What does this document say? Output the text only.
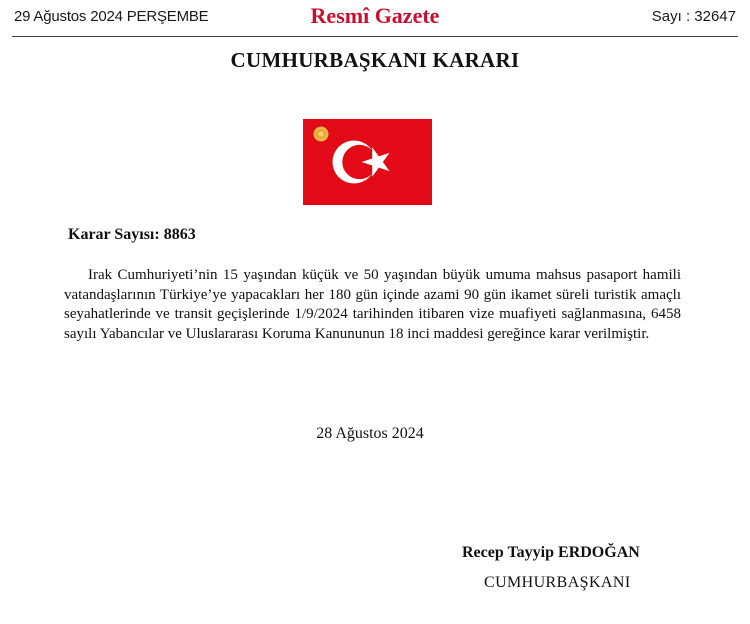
29 Ağustos 2024 PERŞEMBE	Resmî Gazete	Sayı : 32647
CUMHURBAŞKANI KARARI
Karar Sayısı: 8863

Irak Cumhuriyeti’nin 15 yaşından küçük ve 50 yaşından büyük umuma mahsus pasaport hamili vatandaşlarının Türkiye’ye yapacakları her 180 gün içinde azami 90 gün ikamet süreli turistik amaçlı seyahatlerinde ve transit geçişlerinde 1/9/2024 tarihinden itibaren vize muafiyeti sağlanmasına, 6458 sayılı Yabancılar ve Uluslararası Koruma Kanununun 18 inci maddesi gereğince karar verilmiştir.

28 Ağustos 2024
Recep Tayyip ERDOĞAN
CUMHURBAŞKANI
